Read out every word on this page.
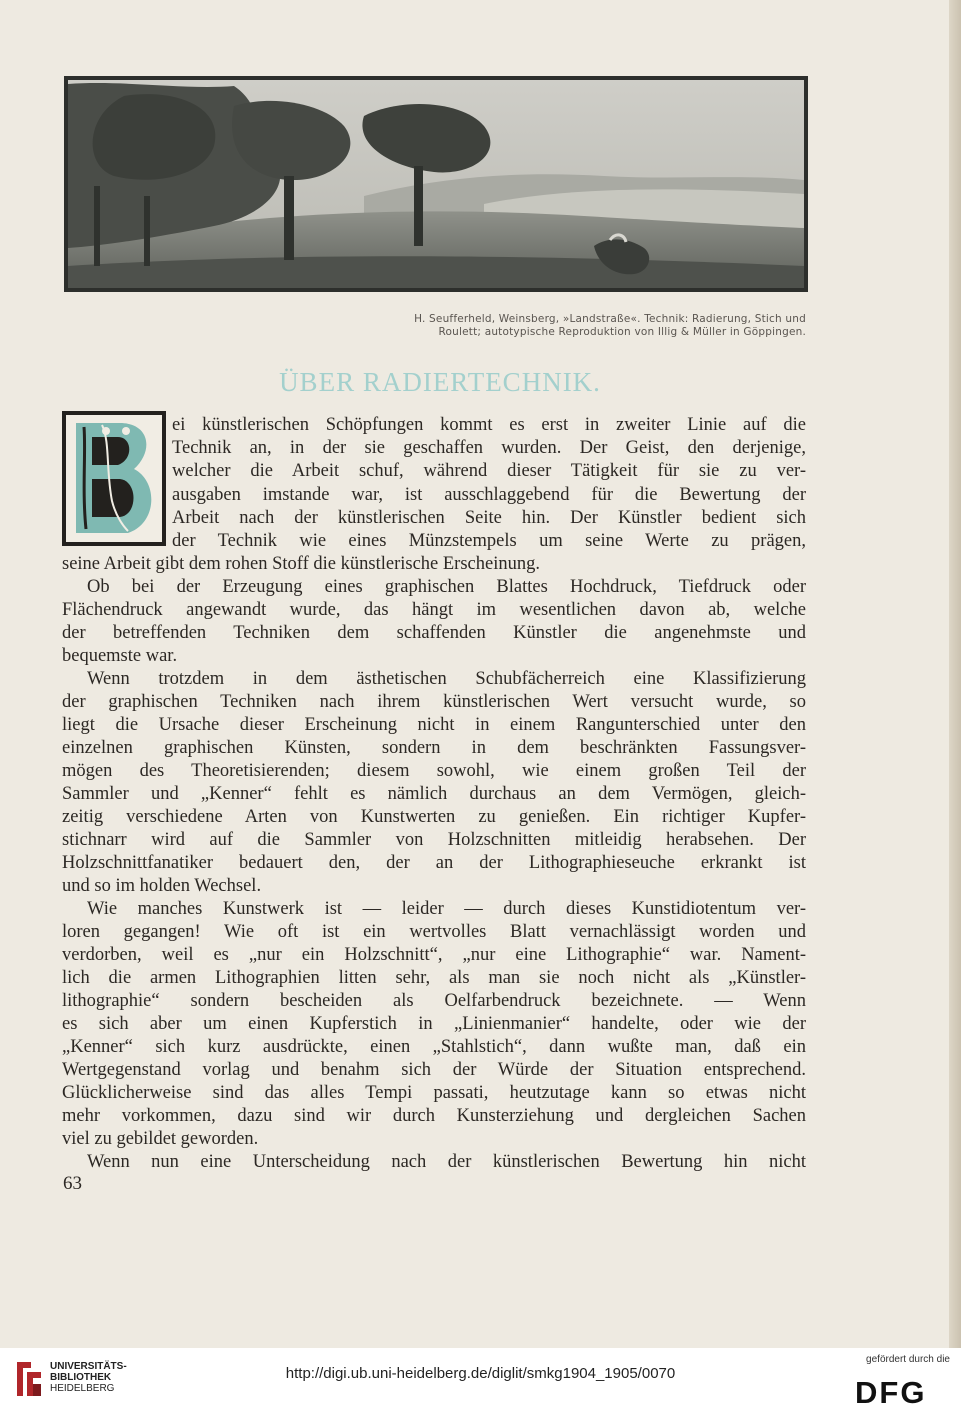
H. Seufferheld, Weinsberg, »Landstraße«. Technik: Radierung, Stich und
Roulett; autotypische Reproduktion von Illig & Müller in Göppingen.
ÜBER RADIERTECHNIK.
ei künstlerischen Schöpfungen kommt es erst in zweiter Linie auf die
Technik an, in der sie geschaffen wurden. Der Geist, den derjenige,
welcher die Arbeit schuf, während dieser Tätigkeit für sie zu ver-
ausgaben imstande war, ist ausschlaggebend für die Bewertung der
Arbeit nach der künstlerischen Seite hin. Der Künstler bedient sich
der Technik wie eines Münzstempels um seine Werte zu prägen,
seine Arbeit gibt dem rohen Stoff die künstlerische Erscheinung.
Ob bei der Erzeugung eines graphischen Blattes Hochdruck, Tiefdruck oder
Flächendruck angewandt wurde, das hängt im wesentlichen davon ab, welche
der betreffenden Techniken dem schaffenden Künstler die angenehmste und
bequemste war.
Wenn trotzdem in dem ästhetischen Schubfächerreich eine Klassifizierung
der graphischen Techniken nach ihrem künstlerischen Wert versucht wurde, so
liegt die Ursache dieser Erscheinung nicht in einem Rangunterschied unter den
einzelnen graphischen Künsten, sondern in dem beschränkten Fassungsver-
mögen des Theoretisierenden; diesem sowohl, wie einem großen Teil der
Sammler und „Kenner“ fehlt es nämlich durchaus an dem Vermögen, gleich-
zeitig verschiedene Arten von Kunstwerten zu genießen. Ein richtiger Kupfer-
stichnarr wird auf die Sammler von Holzschnitten mitleidig herabsehen. Der
Holzschnittfanatiker bedauert den, der an der Lithographieseuche erkrankt ist
und so im holden Wechsel.
Wie manches Kunstwerk ist — leider — durch dieses Kunstidiotentum ver-
loren gegangen! Wie oft ist ein wertvolles Blatt vernachlässigt worden und
verdorben, weil es „nur ein Holzschnitt“, „nur eine Lithographie“ war. Nament-
lich die armen Lithographien litten sehr, als man sie noch nicht als „Künstler-
lithographie“ sondern bescheiden als Oelfarbendruck bezeichnete. — Wenn
es sich aber um einen Kupferstich in „Linienmanier“ handelte, oder wie der
„Kenner“ sich kurz ausdrückte, einen „Stahlstich“, dann wußte man, daß ein
Wertgegenstand vorlag und benahm sich der Würde der Situation entsprechend.
Glücklicherweise sind das alles Tempi passati, heutzutage kann so etwas nicht
mehr vorkommen, dazu sind wir durch Kunsterziehung und dergleichen Sachen
viel zu gebildet geworden.
Wenn nun eine Unterscheidung nach der künstlerischen Bewertung hin nicht
63
UNIVERSITÄTS-
BIBLIOTHEK
HEIDELBERG
http://digi.ub.uni-heidelberg.de/diglit/smkg1904_1905/0070
gefördert durch die
DFG
